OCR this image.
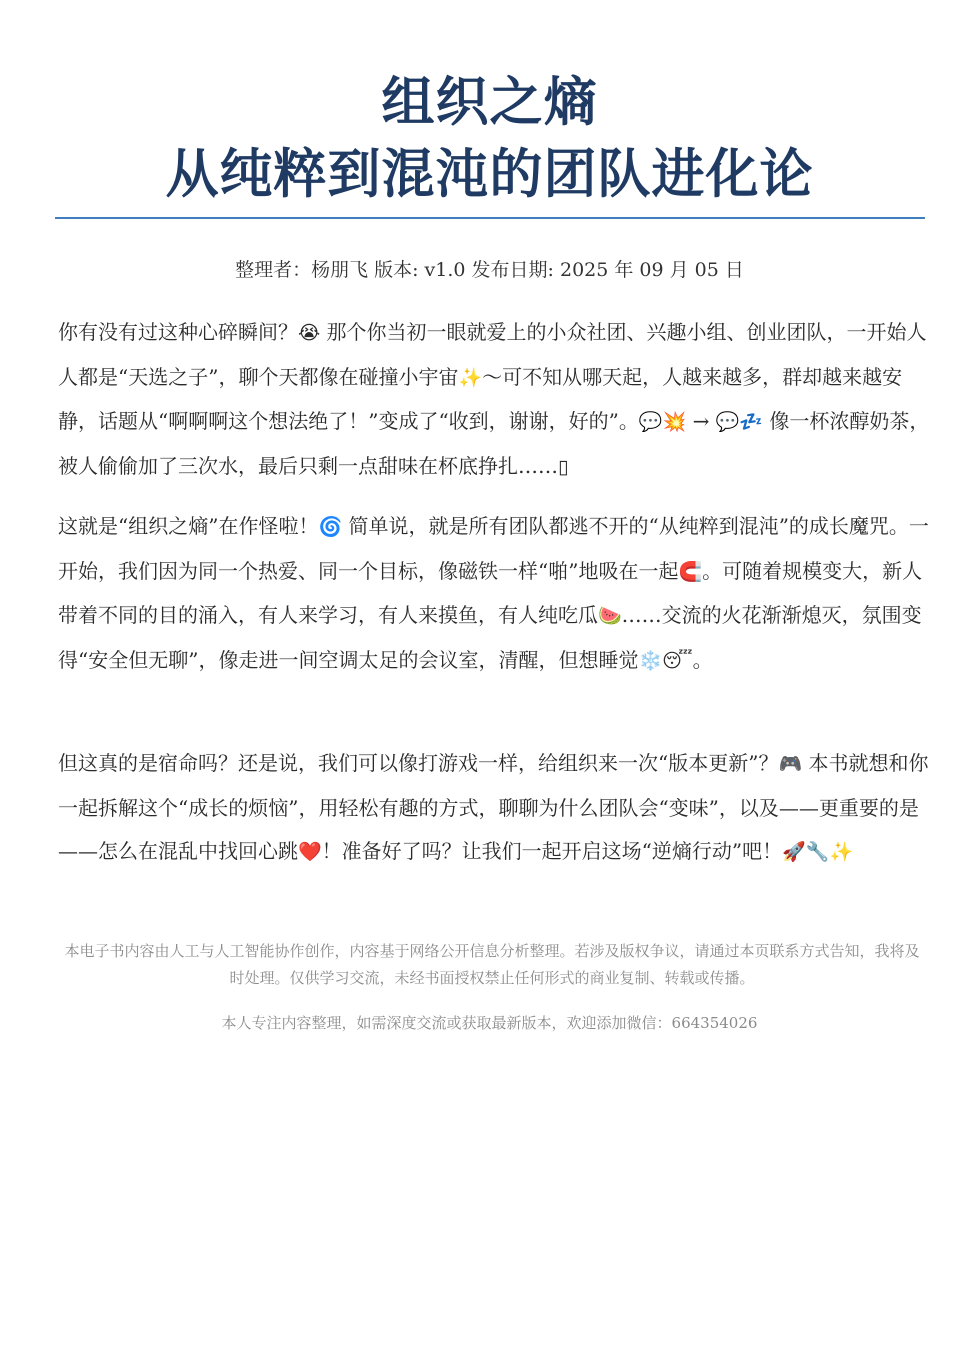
组织之熵
从纯粹到混沌的团队进化论
整理者：杨朋飞 版本: v1.0 发布日期: 2025 年 09 月 05 日

你有没有过这种心碎瞬间？😭 那个你当初一眼就爱上的小众社团、兴趣小组、创业团队，一开始人人都是“天选之子”，聊个天都像在碰撞小宇宙✨～可不知从哪天起，人越来越多，群却越来越安静，话题从“啊啊啊这个想法绝了！”变成了“收到，谢谢，好的”。💬💥 → 💬💤 像一杯浓醇奶茶，被人偷偷加了三次水，最后只剩一点甜味在杯底挣扎……▯

这就是“组织之熵”在作怪啦！🌀 简单说，就是所有团队都逃不开的“从纯粹到混沌”的成长魔咒。一开始，我们因为同一个热爱、同一个目标，像磁铁一样“啪”地吸在一起🧲。可随着规模变大，新人带着不同的目的涌入，有人来学习，有人来摸鱼，有人纯吃瓜🍉……交流的火花渐渐熄灭，氛围变得“安全但无聊”，像走进一间空调太足的会议室，清醒，但想睡觉❄️😴。

但这真的是宿命吗？还是说，我们可以像打游戏一样，给组织来一次“版本更新”？🎮 本书就想和你一起拆解这个“成长的烦恼”，用轻松有趣的方式，聊聊为什么团队会“变味”，以及——更重要的是——怎么在混乱中找回心跳❤️！准备好了吗？让我们一起开启这场“逆熵行动”吧！🚀🔧✨

本电子书内容由人工与人工智能协作创作，内容基于网络公开信息分析整理。若涉及版权争议，请通过本页联系方式告知，我将及时处理。仅供学习交流，未经书面授权禁止任何形式的商业复制、转载或传播。
本人专注内容整理，如需深度交流或获取最新版本，欢迎添加微信：664354026
